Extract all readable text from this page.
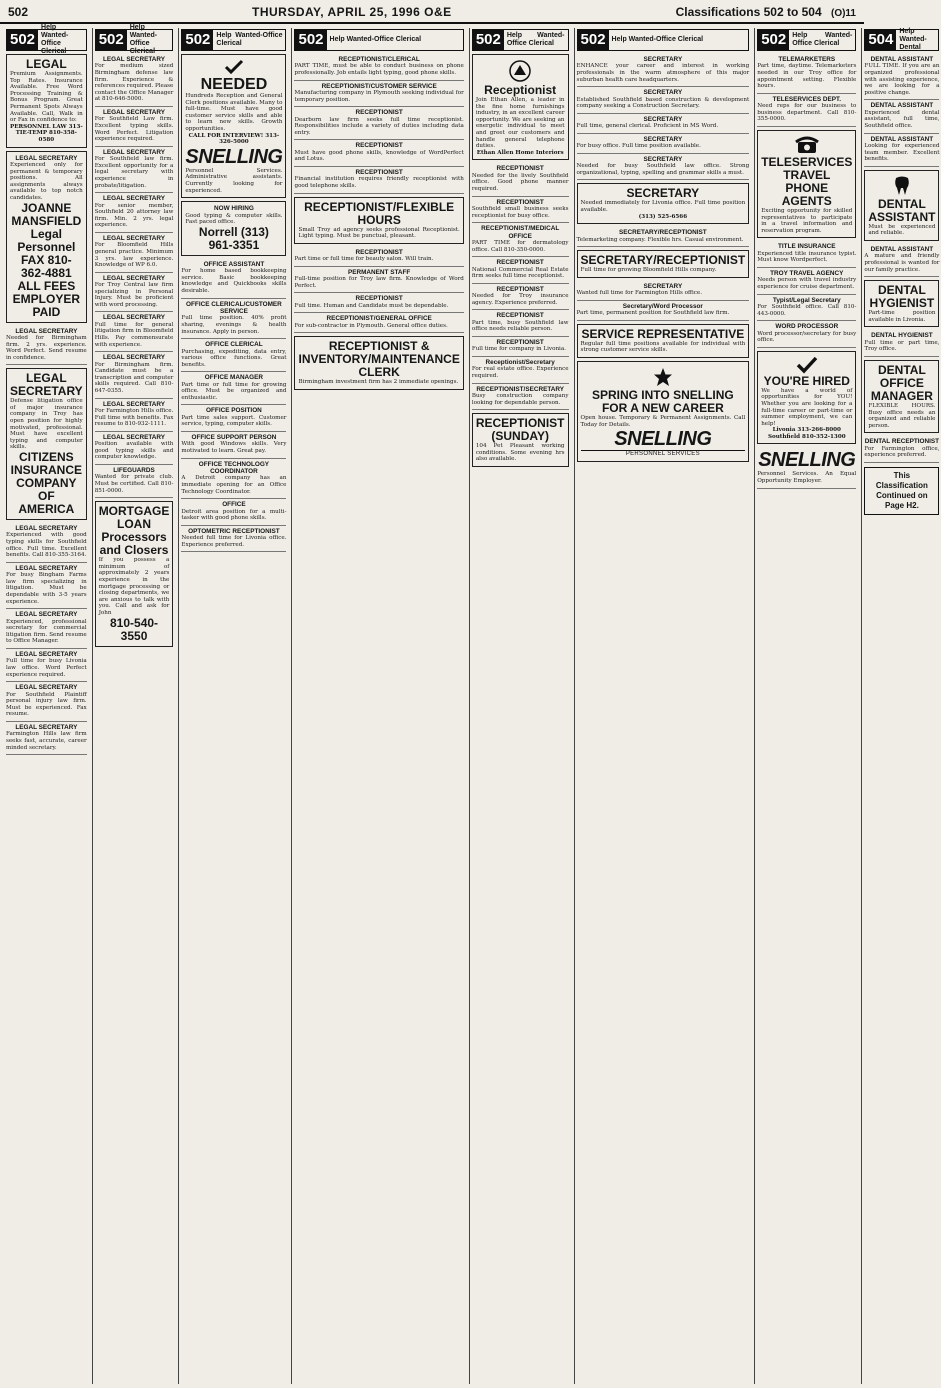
502	THURSDAY, APRIL 25, 1996 O&E	Classifications 502 to 504 (O)11
502
Help Wanted-Office Clerical
LEGAL
Premium Assignments. Top Rates. Insurance Available. Free Word Processing Training & Bonus Program. Great Permanent Spots Always Available. Call, Walk in or Fax in confidence to:
PERSONNEL LAW 313-TIE-TEMP 810-358-0580
LEGAL SECRETARY
Experienced only for permanent & temporary positions. All assignments always available to top notch candidates.
JOANNE MANSFIELD Legal Personnel FAX 810-362-4881 ALL FEES EMPLOYER PAID
LEGAL SECRETARY
Needed for Birmingham firm. 2 yrs. experience. Word Perfect. Send resume in confidence.
LEGAL SECRETARY
Defense litigation office of major insurance company in Troy has open position for highly motivated, professional. Must have excellent typing and computer skills.
CITIZENS INSURANCE COMPANY OF AMERICA
LEGAL SECRETARY
Experienced with good typing skills for Southfield office. Full time. Excellent benefits. Call 810-355-3164.
LEGAL SECRETARY
For busy Bingham Farms law firm specializing in litigation. Must be dependable with 3-5 years experience.
LEGAL SECRETARY
Experienced, professional secretary for commercial litigation firm. Send resume to Office Manager.
LEGAL SECRETARY
Full time for busy Livonia law office. Word Perfect experience required.
LEGAL SECRETARY
For Southfield Plaintiff personal injury law firm. Must be experienced. Fax resume.
LEGAL SECRETARY
Farmington Hills law firm seeks fast, accurate, career minded secretary.
502
Help Wanted-Office Clerical
LEGAL SECRETARY
For medium sized Birmingham defense law firm. Experience & references required. Please contact the Office Manager at 810-646-5000.
LEGAL SECRETARY
For Southfield Law firm. Excellent typing skills. Word Perfect. Litigation experience required.
LEGAL SECRETARY
For Southfield law firm. Excellent opportunity for a legal secretary with experience in probate/litigation.
LEGAL SECRETARY
For senior member, Southfield 20 attorney law firm. Min. 2 yrs. legal experience.
LEGAL SECRETARY
For Bloomfield Hills general practice. Minimum 3 yrs. law experience. Knowledge of WP 6.0.
LEGAL SECRETARY
For Troy Central law firm specializing in Personal Injury. Must be proficient with word processing.
LEGAL SECRETARY
Full time for general litigation firm in Bloomfield Hills. Pay commensurate with experience.
LEGAL SECRETARY
For Birmingham firm. Candidate must be a transcription and computer skills required. Call 810-647-0355.
LEGAL SECRETARY
For Farmington Hills office. Full time with benefits. Fax resume to 810-932-1111.
LEGAL SECRETARY
Position available with good typing skills and computer knowledge.
LIFEGUARDS
Wanted for private club. Must be certified. Call 810-851-0000.
MORTGAGE LOAN Processors and Closers
If you possess a minimum of approximately 2 years experience in the mortgage processing or closing departments, we are anxious to talk with you. Call and ask for John
810-540-3550
502 Help Wanted-Office Clerical
NEEDED
Hundreds Reception and General Clerk positions available. Many to full-time. Must have good customer service skills and able to learn new skills. Growth opportunities.
CALL FOR INTERVIEW! 313-326-5000
SNELLING
Personnel Services. Administrative assistants. Currently looking for experienced.
NOW HIRING
Good typing & computer skills. Fast paced office.
Norrell (313) 961-3351
OFFICE ASSISTANT
For home based bookkeeping service. Basic bookkeeping knowledge and Quickbooks skills desirable.
OFFICE CLERICAL/CUSTOMER SERVICE
Full time position. 40% profit sharing, evenings & health insurance. Apply in person.
OFFICE CLERICAL
Purchasing, expediting, data entry, various office functions. Great benefits.
OFFICE MANAGER
Part time or full time for growing office. Must be organized and enthusiastic.
OFFICE POSITION
Part time sales support. Customer service, typing, computer skills.
OFFICE SUPPORT PERSON
With good Windows skills. Very motivated to learn. Great pay.
OFFICE TECHNOLOGY COORDINATOR
A Detroit company has an immediate opening for an Office Technology Coordinator.
OFFICE
Detroit area position for a multi-tasker with good phone skills.
OPTOMETRIC RECEPTIONIST
Needed full time for Livonia office. Experience preferred.
502 Help Wanted-Office Clerical
RECEPTIONIST/CLERICAL
PART TIME, must be able to conduct business on phone professionally. Job entails light typing, good phone skills.
RECEPTIONIST/CUSTOMER SERVICE
Manufacturing company in Plymouth seeking individual for temporary position.
RECEPTIONIST
Dearborn law firm seeks full time receptionist. Responsibilities include a variety of duties including data entry.
RECEPTIONIST
Must have good phone skills, knowledge of WordPerfect and Lotus.
RECEPTIONIST
Financial institution requires friendly receptionist with good telephone skills.
RECEPTIONIST/FLEXIBLE HOURS
Small Troy ad agency seeks professional Receptionist. Light typing. Must be punctual, pleasant.
RECEPTIONIST
Part time or full time for beauty salon. Will train.
PERMANENT STAFF
Full-time position for Troy law firm. Knowledge of Word Perfect.
RECEPTIONIST
Full time. Human and Candidate must be dependable.
RECEPTIONIST/GENERAL OFFICE
For sub-contractor in Plymouth. General office duties.
RECEPTIONIST & INVENTORY/MAINTENANCE CLERK
Birmingham investment firm has 2 immediate openings.
502 Help Wanted-Office Clerical
Receptionist
Join Ethan Allen, a leader in the fine home furnishings industry, in an excellent career opportunity. We are seeking an energetic individual to meet and greet our customers and handle general telephone duties.
Ethan Allen Home Interiors
RECEPTIONIST
Needed for the lively Southfield office. Good phone manner required.
RECEPTIONIST
Southfield small business seeks receptionist for busy office.
RECEPTIONIST/MEDICAL OFFICE
PART TIME for dermatology office. Call 810-350-0000.
RECEPTIONIST
National Commercial Real Estate firm seeks full time receptionist.
RECEPTIONIST
Needed for Troy insurance agency. Experience preferred.
RECEPTIONIST
Part time, busy Southfield law office needs reliable person.
RECEPTIONIST
Full time for company in Livonia.
Receptionist/Secretary
For real estate office. Experience required.
RECEPTIONIST/SECRETARY
Busy construction company looking for dependable person.
RECEPTIONIST (SUNDAY)
104 Pet Pleasant working conditions. Some evening hrs also available.
502 Help Wanted-Office Clerical
SECRETARY
ENHANCE your career and interest in working professionals in the warm atmosphere of this major suburban health care headquarters.
SECRETARY
Established Southfield based construction & development company seeking a Construction Secretary.
SECRETARY
Full time, general clerical. Proficient in MS Word.
SECRETARY
For busy office. Full time position available.
SECRETARY
Needed for busy Southfield law office. Strong organizational, typing, spelling and grammar skills a must.
SECRETARY
Needed immediately for Livonia office. Full time position available.
(313) 525-6566
SECRETARY/RECEPTIONIST
Telemarketing company. Flexible hrs. Casual environment.
SECRETARY/RECEPTIONIST
Full time for growing Bloomfield Hills company.
SECRETARY
Wanted full time for Farmington Hills office.
Secretary/Word Processor
Part time, permanent position for Southfield law firm.
SERVICE REPRESENTATIVE
Regular full time positions available for individual with strong customer service skills.
SPRING INTO SNELLING FOR A NEW CAREER
Open house. Temporary & Permanent Assignments. Call Today for Details.
SNELLING
PERSONNEL SERVICES
502 Help Wanted-Office Clerical
TELEMARKETERS
Part time, daytime. Telemarketers needed in our Troy office for appointment setting. Flexible hours.
TELESERVICES DEPT.
Need reps for our business to business department. Call 810-355-0000.
TELESERVICES TRAVEL PHONE AGENTS
Exciting opportunity for skilled representatives to participate in a travel information and reservation program.
TITLE INSURANCE
Experienced title insurance typist. Must know Wordperfect.
TROY TRAVEL AGENCY
Needs person with travel industry experience for cruise department.
Typist/Legal Secretary
For Southfield office. Call 810-443-0000.
WORD PROCESSOR
Word processor/secretary for busy office.
YOU'RE HIRED
We have a world of opportunities for YOU! Whether you are looking for a full-time career or part-time or summer employment, we can help!
Livonia 313-266-8000 Southfield 810-352-1300
SNELLING
Personnel Services. An Equal Opportunity Employer.
504 Help Wanted-Dental
DENTAL ASSISTANT
FULL TIME. If you are an organized professional with assisting experience, we are looking for a positive change.
DENTAL ASSISTANT
Experienced dental assistant, full time, Southfield office.
DENTAL ASSISTANT
Looking for experienced team member. Excellent benefits.
DENTAL ASSISTANT
Must be experienced and reliable.
DENTAL ASSISTANT
A mature and friendly professional is wanted for our family practice.
DENTAL HYGIENIST
Part-time position available in Livonia.
DENTAL HYGIENIST
Full time or part time, Troy office.
DENTAL OFFICE MANAGER
FLEXIBLE HOURS. Busy office needs an organized and reliable person.
DENTAL RECEPTIONIST
For Farmington office, experience preferred.
This Classification Continued on Page H2.
